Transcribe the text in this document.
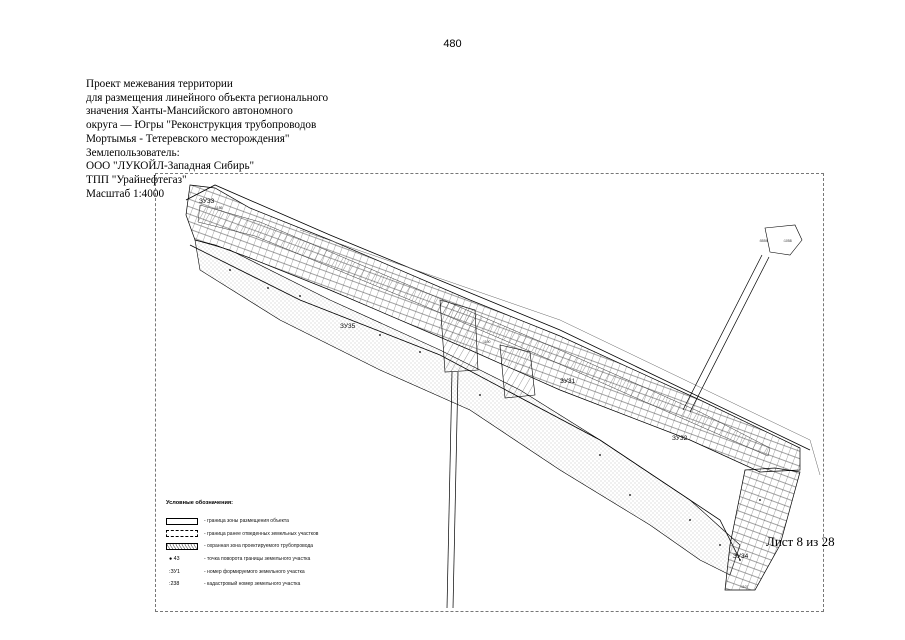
480
Проект межевания территории
для размещения линейного объекта регионального
значения Ханты-Мансийского автономного
округа — Югры "Реконструкция трубопроводов
Мортымья - Тетеревского месторождения"
Землепользователь:
ООО "ЛУКОЙЛ-Западная Сибирь"
ТПП "Урайнефтегаз"
Масштаб 1:4000
ЗУ33
ЗУ35
ЗУ31
ЗУ32
ЗУ34
:1186
:1190
:1107
:5559	:1058
Условные обозначения:
- граница зоны размещения объекта
- граница ранее отведенных земельных участков
- охранная зона проектируемого трубопровода
● 43	- точка поворота границы земельного участка
:ЗУ1	- номер формируемого земельного участка
:238	- кадастровый номер земельного участка
Лист 8 из 28
